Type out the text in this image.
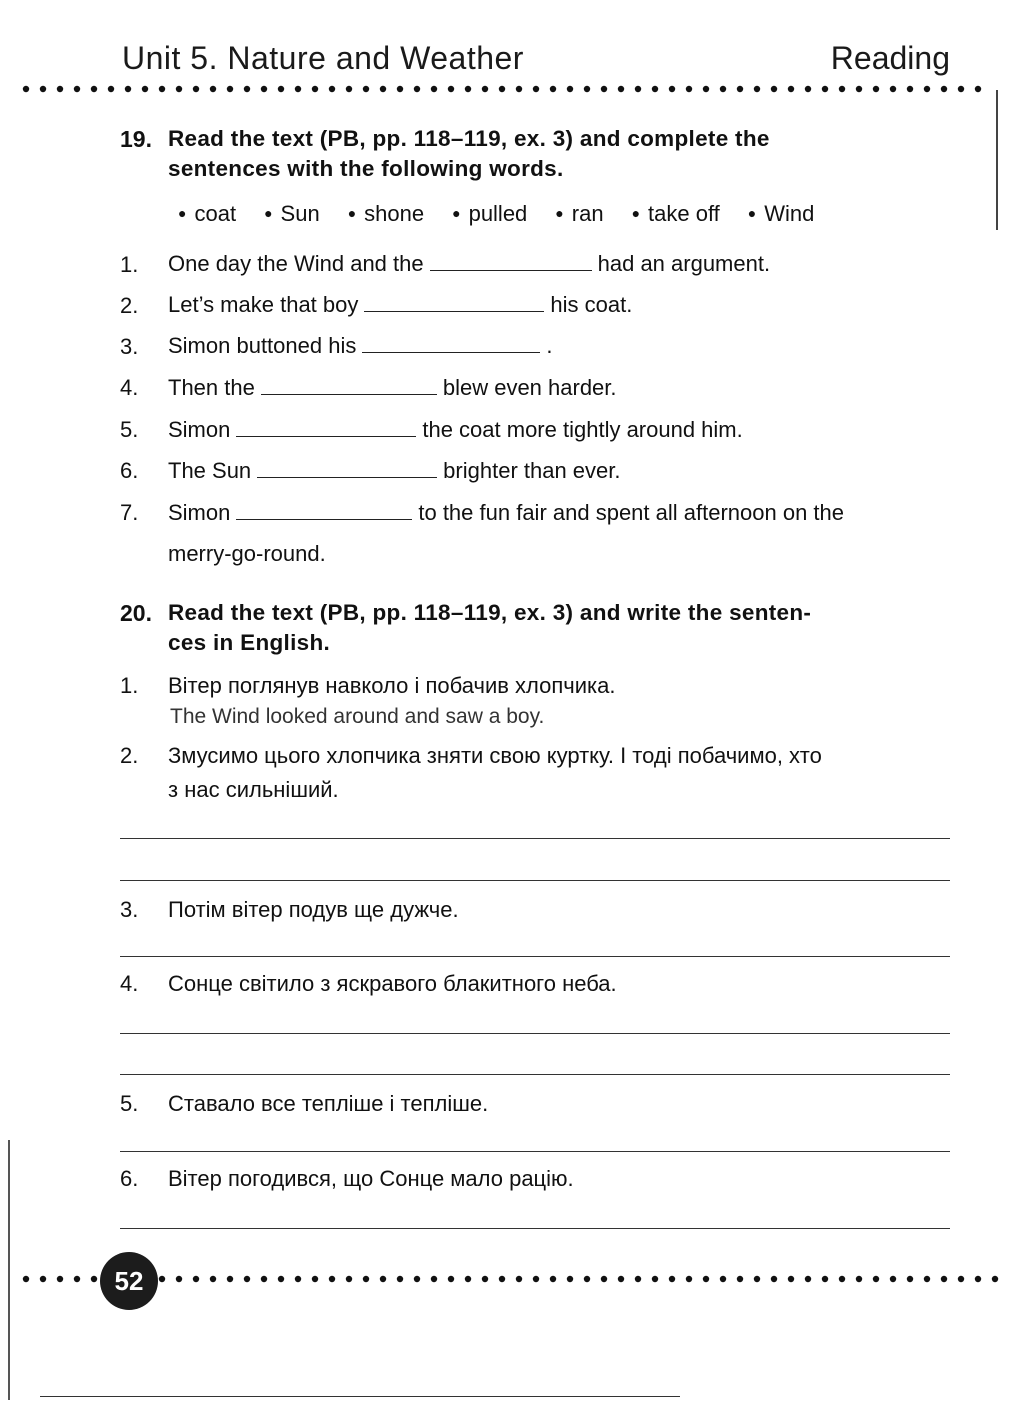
Unit 5. Nature and Weather	Reading
19. Read the text (PB, pp. 118–119, ex. 3) and complete the
sentences with the following words.
● coat	● Sun	● shone	● pulled	● ran	● take off	● Wind
1. One day the Wind and the	had an argument.
2. Let’s make that boy	his coat.
3. Simon buttoned his	.
4. Then the	blew even harder.
5. Simon	the coat more tightly around him.
6. The Sun	brighter than ever.
7. Simon	to the fun fair and spent all afternoon on the
merry-go-round.
20. Read the text (PB, pp. 118–119, ex. 3) and write the senten-
ces in English.
1. Вітер поглянув навколо і побачив хлопчика.
The Wind looked around and saw a boy.
2. Змусимо цього хлопчика зняти свою куртку. І тоді побачимо, хто
з нас сильніший.
3. Потім вітер подув ще дужче.
4. Сонце світило з яскравого блакитного неба.
5. Ставало все тепліше і тепліше.
6. Вітер погодився, що Сонце мало рацію.
52
